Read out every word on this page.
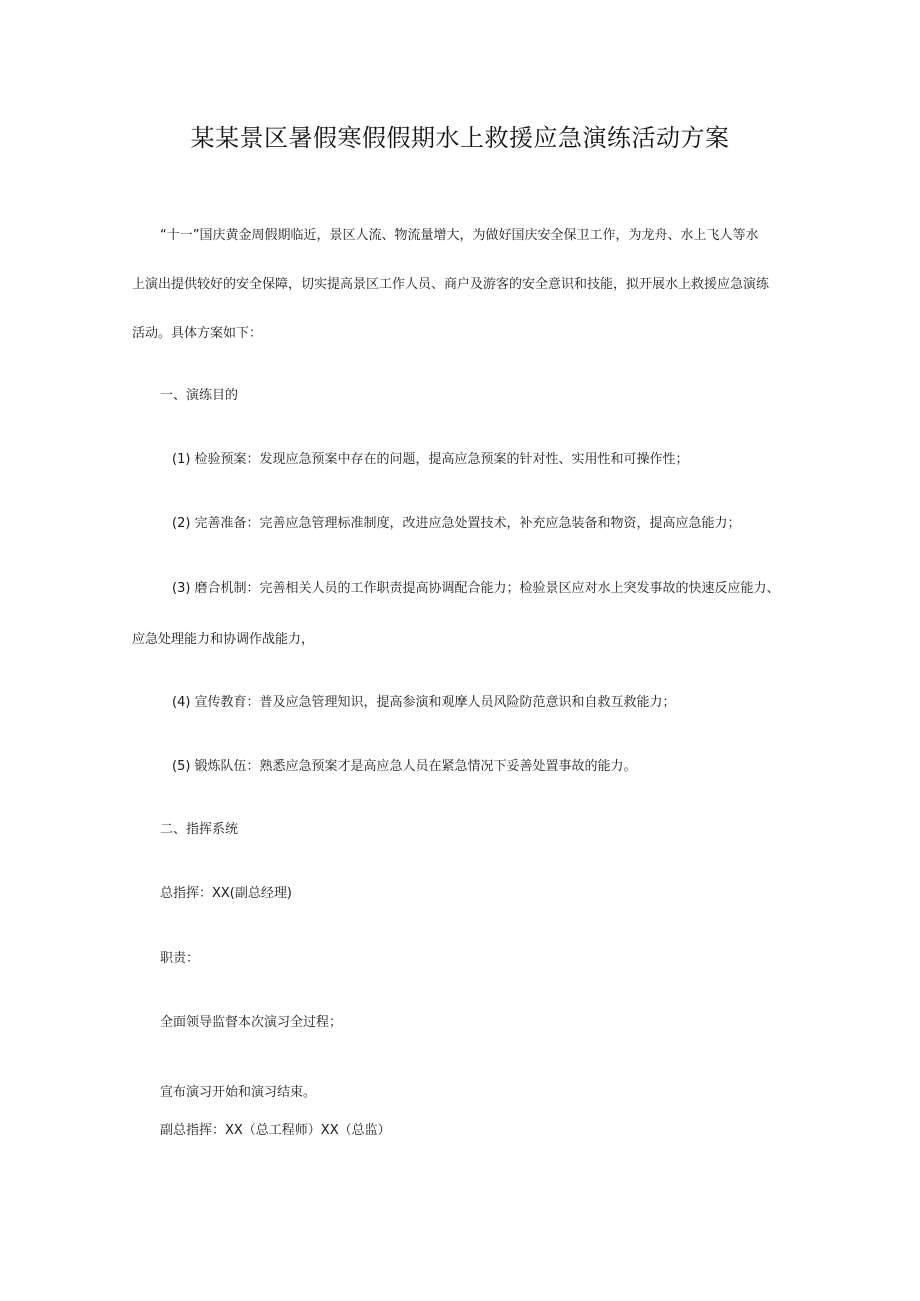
某某景区暑假寒假假期水上救援应急演练活动方案
“十一”国庆黄金周假期临近，景区人流、物流量增大，为做好国庆安全保卫工作，为龙舟、水上飞人等水
上演出提供较好的安全保障，切实提高景区工作人员、商户及游客的安全意识和技能，拟开展水上救援应急演练
活动。具体方案如下：
一、演练目的
(1) 检验预案：发现应急预案中存在的问题，提高应急预案的针对性、实用性和可操作性；
(2) 完善准备：完善应急管理标准制度，改进应急处置技术，补充应急装备和物资，提高应急能力；
(3) 磨合机制：完善相关人员的工作职责提高协调配合能力；检验景区应对水上突发事故的快速反应能力、
应急处理能力和协调作战能力，
(4) 宣传教育：普及应急管理知识，提高参演和观摩人员风险防范意识和自救互救能力；
(5) 锻炼队伍：熟悉应急预案才是高应急人员在紧急情况下妥善处置事故的能力。
二、指挥系统
总指挥：XX(副总经理)
职责：
全面领导监督本次演习全过程；
宣布演习开始和演习结束。
副总指挥：XX（总工程师）XX（总监）
